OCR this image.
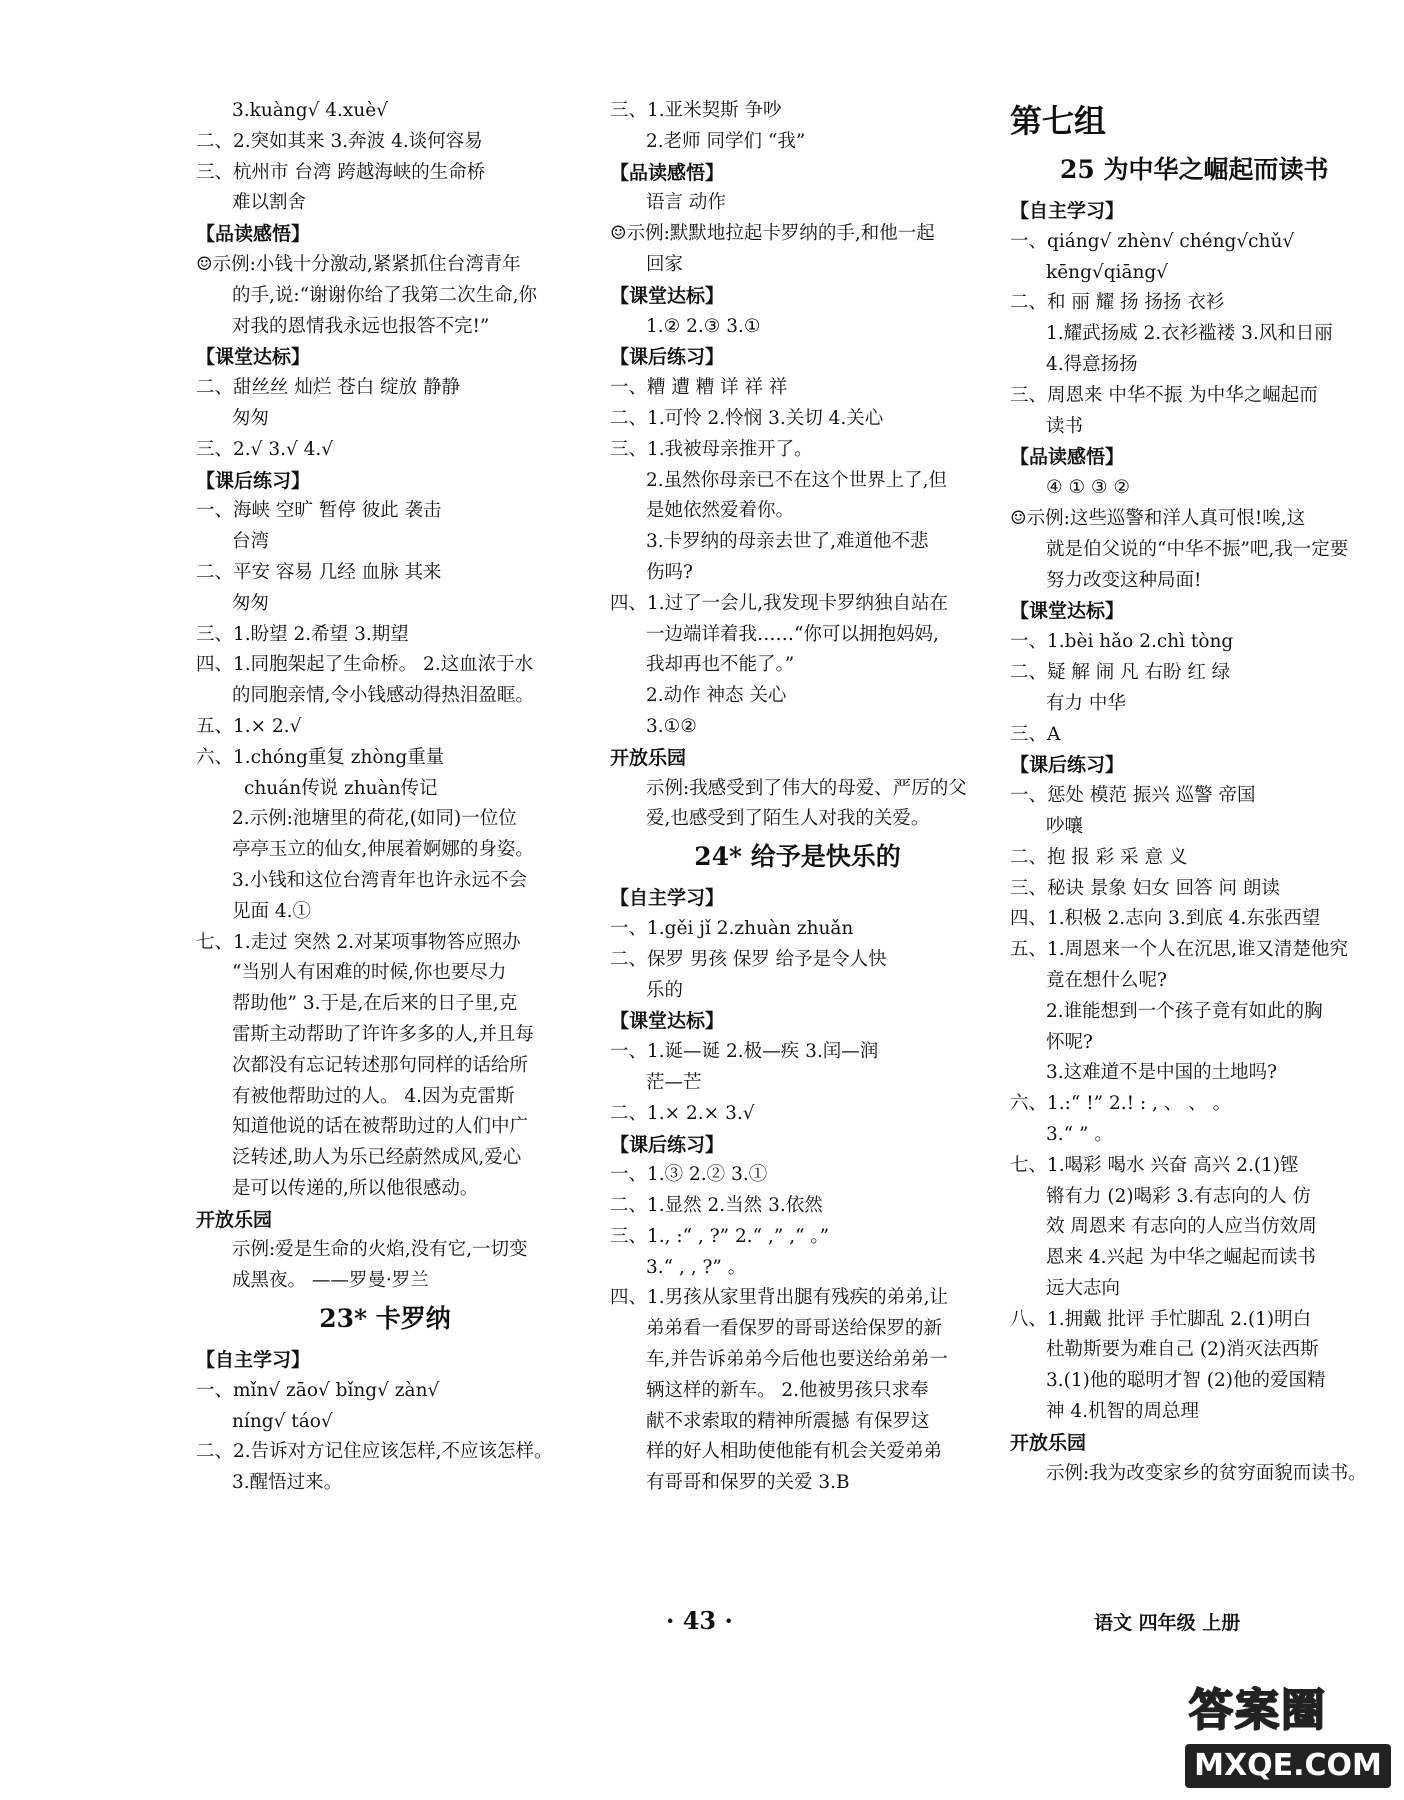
3.kuàng√ 4.xuè√
二、2.突如其来 3.奔波 4.谈何容易
三、杭州市 台湾 跨越海峡的生命桥
难以割舍
【品读感悟】
☺示例:小钱十分激动,紧紧抓住台湾青年
的手,说:“谢谢你给了我第二次生命,你
对我的恩情我永远也报答不完!”
【课堂达标】
二、甜丝丝 灿烂 苍白 绽放 静静
匆匆
三、2.√ 3.√ 4.√
【课后练习】
一、海峡 空旷 暂停 彼此 袭击
台湾
二、平安 容易 几经 血脉 其来
匆匆
三、1.盼望 2.希望 3.期望
四、1.同胞架起了生命桥。 2.这血浓于水
的同胞亲情,令小钱感动得热泪盈眶。
五、1.× 2.√
六、1.chóng重复 zhòng重量
chuán传说 zhuàn传记
2.示例:池塘里的荷花,(如同)一位位
亭亭玉立的仙女,伸展着婀娜的身姿。
3.小钱和这位台湾青年也许永远不会
见面 4.①
七、1.走过 突然 2.对某项事物答应照办
“当别人有困难的时候,你也要尽力
帮助他” 3.于是,在后来的日子里,克
雷斯主动帮助了许许多多的人,并且每
次都没有忘记转述那句同样的话给所
有被他帮助过的人。 4.因为克雷斯
知道他说的话在被帮助过的人们中广
泛转述,助人为乐已经蔚然成风,爱心
是可以传递的,所以他很感动。
开放乐园
示例:爱是生命的火焰,没有它,一切变
成黑夜。 ——罗曼·罗兰
23* 卡罗纳
【自主学习】
一、mǐn√ zāo√ bǐng√ zàn√
níng√ táo√
二、2.告诉对方记住应该怎样,不应该怎样。
3.醒悟过来。
三、1.亚米契斯 争吵
2.老师 同学们 “我”
【品读感悟】
语言 动作
☺示例:默默地拉起卡罗纳的手,和他一起
回家
【课堂达标】
1.② 2.③ 3.①
【课后练习】
一、糟 遭 糟 详 祥 祥
二、1.可怜 2.怜悯 3.关切 4.关心
三、1.我被母亲推开了。
2.虽然你母亲已不在这个世界上了,但
是她依然爱着你。
3.卡罗纳的母亲去世了,难道他不悲
伤吗?
四、1.过了一会儿,我发现卡罗纳独自站在
一边端详着我……“你可以拥抱妈妈,
我却再也不能了。”
2.动作 神态 关心
3.①②
开放乐园
示例:我感受到了伟大的母爱、严厉的父
爱,也感受到了陌生人对我的关爱。
24* 给予是快乐的
【自主学习】
一、1.gěi jǐ 2.zhuàn zhuǎn
二、保罗 男孩 保罗 给予是令人快
乐的
【课堂达标】
一、1.诞—诞 2.极—疾 3.闰—润
茫—芒
二、1.× 2.× 3.√
【课后练习】
一、1.③ 2.② 3.①
二、1.显然 2.当然 3.依然
三、1., :“ , ?” 2.“ ,” ,“ 。”
3.“ , , ?” 。
四、1.男孩从家里背出腿有残疾的弟弟,让
弟弟看一看保罗的哥哥送给保罗的新
车,并告诉弟弟今后他也要送给弟弟一
辆这样的新车。 2.他被男孩只求奉
献不求索取的精神所震撼 有保罗这
样的好人相助使他能有机会关爱弟弟
有哥哥和保罗的关爱 3.B
第七组
25 为中华之崛起而读书
【自主学习】
一、qiáng√ zhèn√ chéng√chǔ√
kēng√qiāng√
二、和 丽 耀 扬 扬扬 衣衫
1.耀武扬威 2.衣衫褴褛 3.风和日丽
4.得意扬扬
三、周恩来 中华不振 为中华之崛起而
读书
【品读感悟】
④ ① ③ ②
☺示例:这些巡警和洋人真可恨!唉,这
就是伯父说的“中华不振”吧,我一定要
努力改变这种局面!
【课堂达标】
一、1.bèi hǎo 2.chì tòng
二、疑 解 闹 凡 右盼 红 绿
有力 中华
三、A
【课后练习】
一、惩处 模范 振兴 巡警 帝国
吵嚷
二、抱 报 彩 采 意 义
三、秘诀 景象 妇女 回答 问 朗读
四、1.积极 2.志向 3.到底 4.东张西望
五、1.周恩来一个人在沉思,谁又清楚他究
竟在想什么呢?
2.谁能想到一个孩子竟有如此的胸
怀呢?
3.这难道不是中国的土地吗?
六、1.:“ !” 2.! : , 、 、 。
3.“ ” 。
七、1.喝彩 喝水 兴奋 高兴 2.(1)铿
锵有力 (2)喝彩 3.有志向的人 仿
效 周恩来 有志向的人应当仿效周
恩来 4.兴起 为中华之崛起而读书
远大志向
八、1.拥戴 批评 手忙脚乱 2.(1)明白
杜勒斯要为难自己 (2)消灭法西斯
3.(1)他的聪明才智 (2)他的爱国精
神 4.机智的周总理
开放乐园
示例:我为改变家乡的贫穷面貌而读书。
· 43 ·	语文 四年级 上册
答案圈
MXQE.COM
